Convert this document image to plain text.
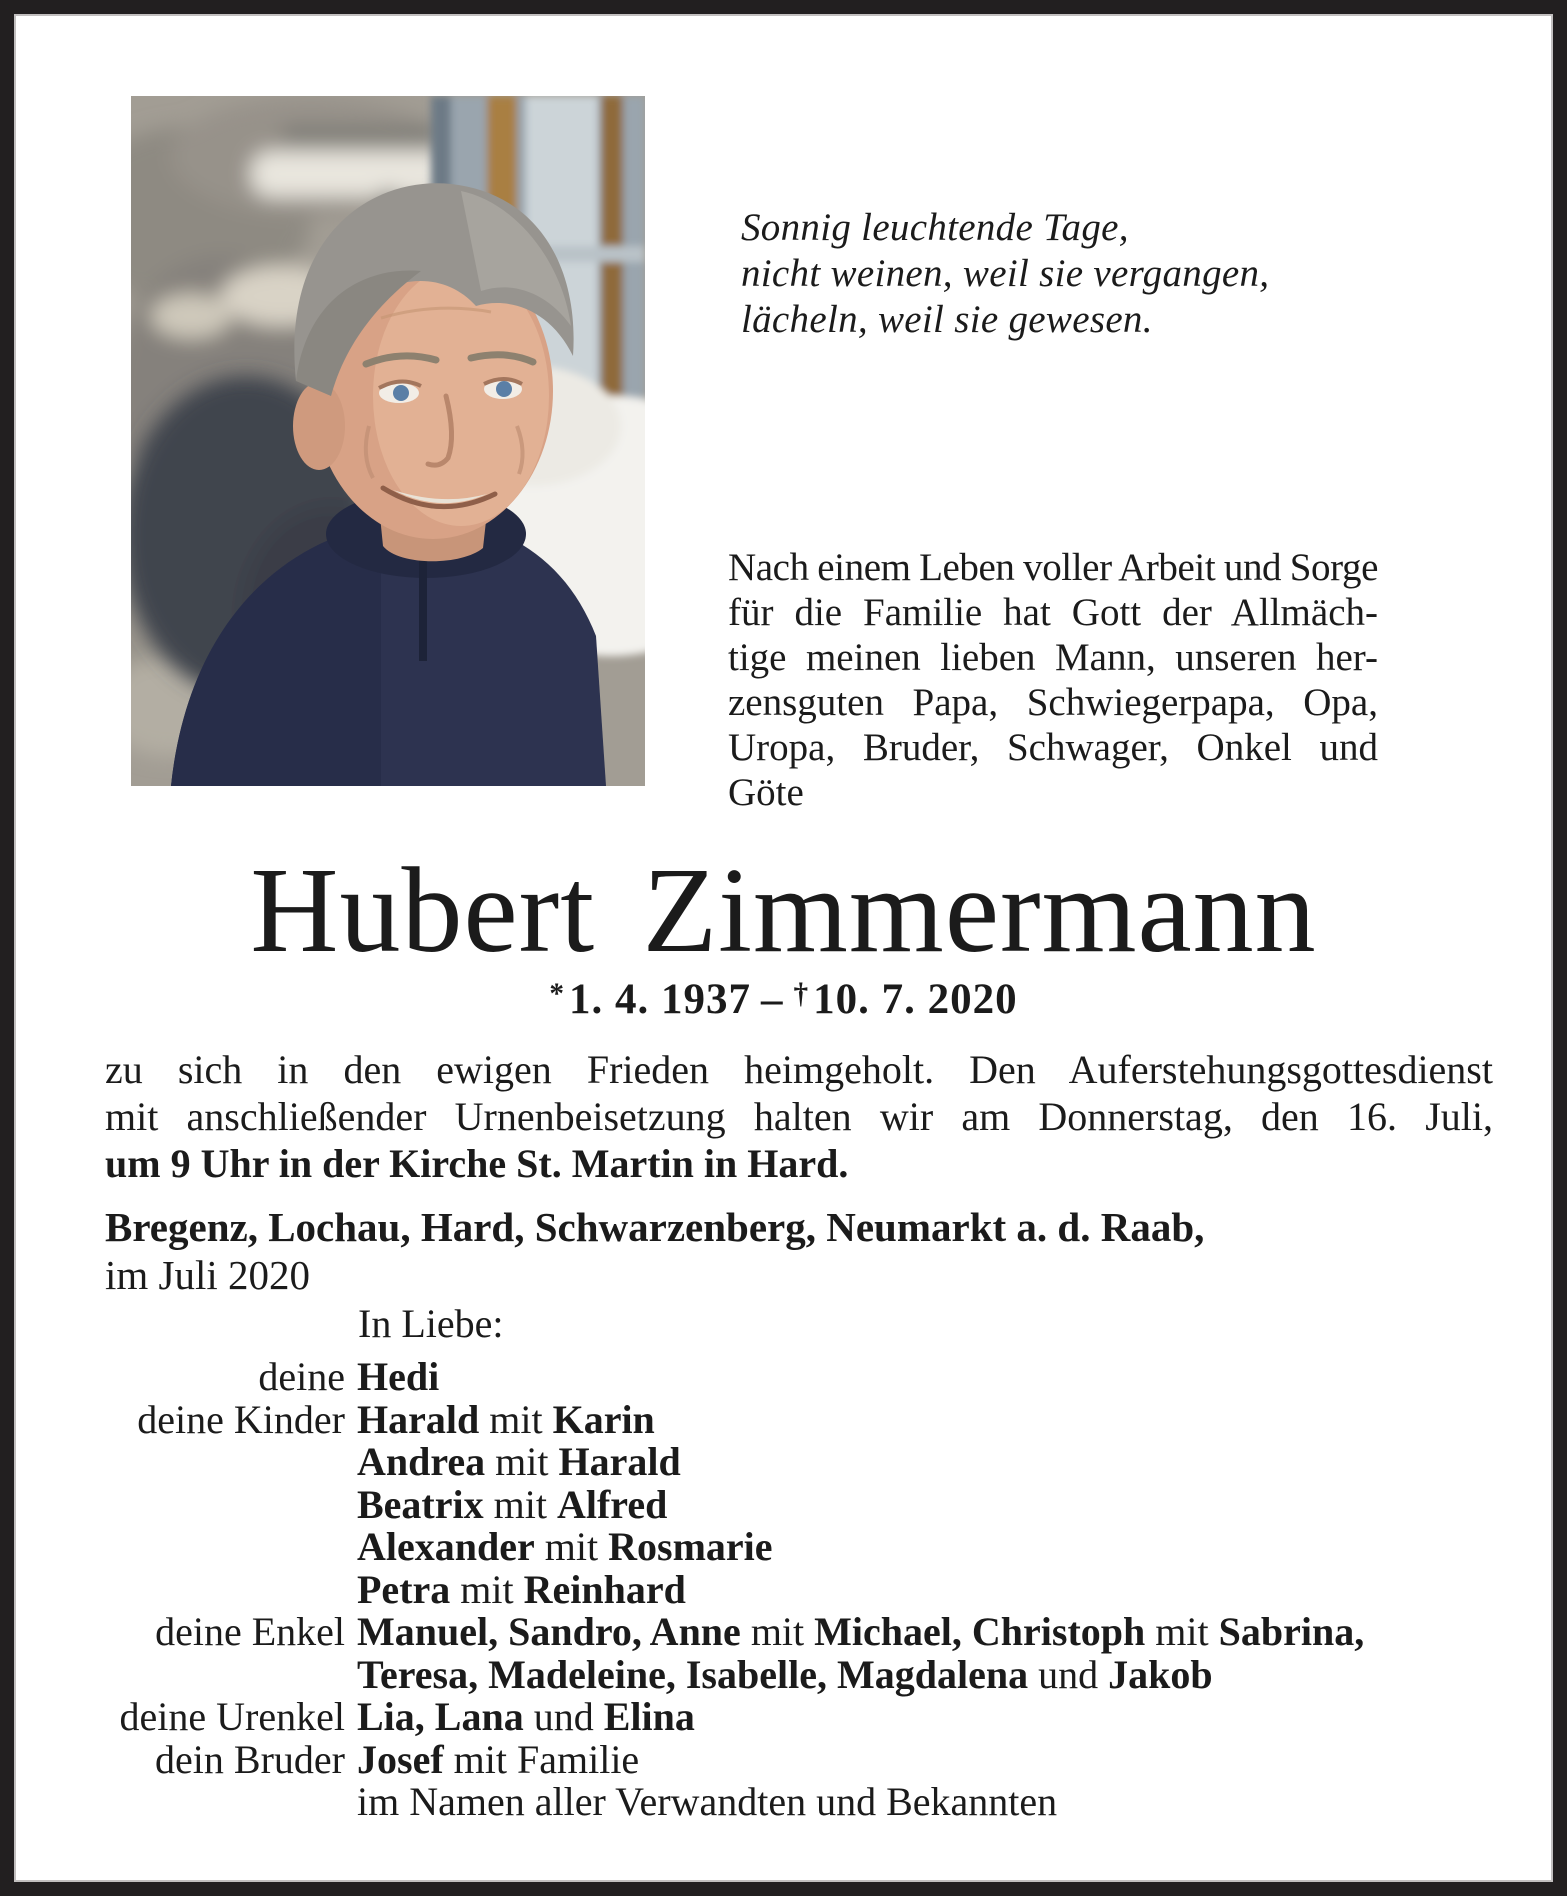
Sonnig leuchtende Tage,
nicht weinen, weil sie vergangen,
lächeln, weil sie gewesen.
Nach einem Leben voller Arbeit und Sorge
für die Familie hat Gott der Allmäch-
tige meinen lieben Mann, unseren her-
zensguten Papa, Schwiegerpapa, Opa,
Uropa, Bruder, Schwager, Onkel und
Göte
Hubert Zimmermann
*1. 4. 1937 – †10. 7. 2020
zu sich in den ewigen Frieden heimgeholt. Den Auferstehungsgottesdienst
mit anschließender Urnenbeisetzung halten wir am Donnerstag, den 16. Juli,
um 9 Uhr in der Kirche St. Martin in Hard.
Bregenz, Lochau, Hard, Schwarzenberg, Neumarkt a. d. Raab,
im Juli 2020
In Liebe:
deine Hedi
deine Kinder Harald mit Karin
Andrea mit Harald
Beatrix mit Alfred
Alexander mit Rosmarie
Petra mit Reinhard
deine Enkel Manuel, Sandro, Anne mit Michael, Christoph mit Sabrina,
Teresa, Madeleine, Isabelle, Magdalena und Jakob
deine Urenkel Lia, Lana und Elina
dein Bruder Josef mit Familie
im Namen aller Verwandten und Bekannten
